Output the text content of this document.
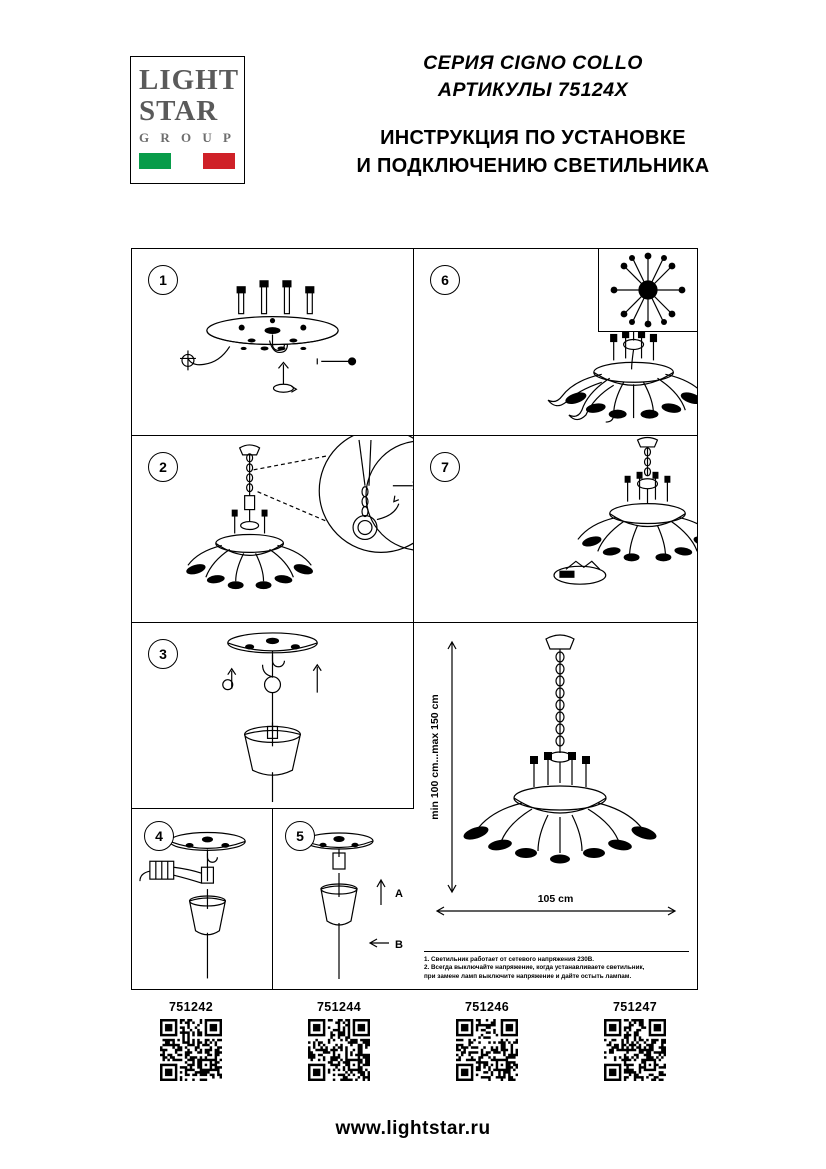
LIGHT
STAR
G R O U P
СЕРИЯ CIGNO COLLO
АРТИКУЛЫ 75124X
ИНСТРУКЦИЯ ПО УСТАНОВКЕ
И ПОДКЛЮЧЕНИЮ СВЕТИЛЬНИКА
1	6
2	7
3
min 100 cm...max 150 cm
105 cm
1. Светильник работает от сетевого напряжения 230В.
2. Всегда выключайте напряжение, когда устанавливаете светильник,
при замене ламп выключите напряжение и дайте остыть лампам.
4	5
A
B
751242	751244	751246	751247
www.lightstar.ru
